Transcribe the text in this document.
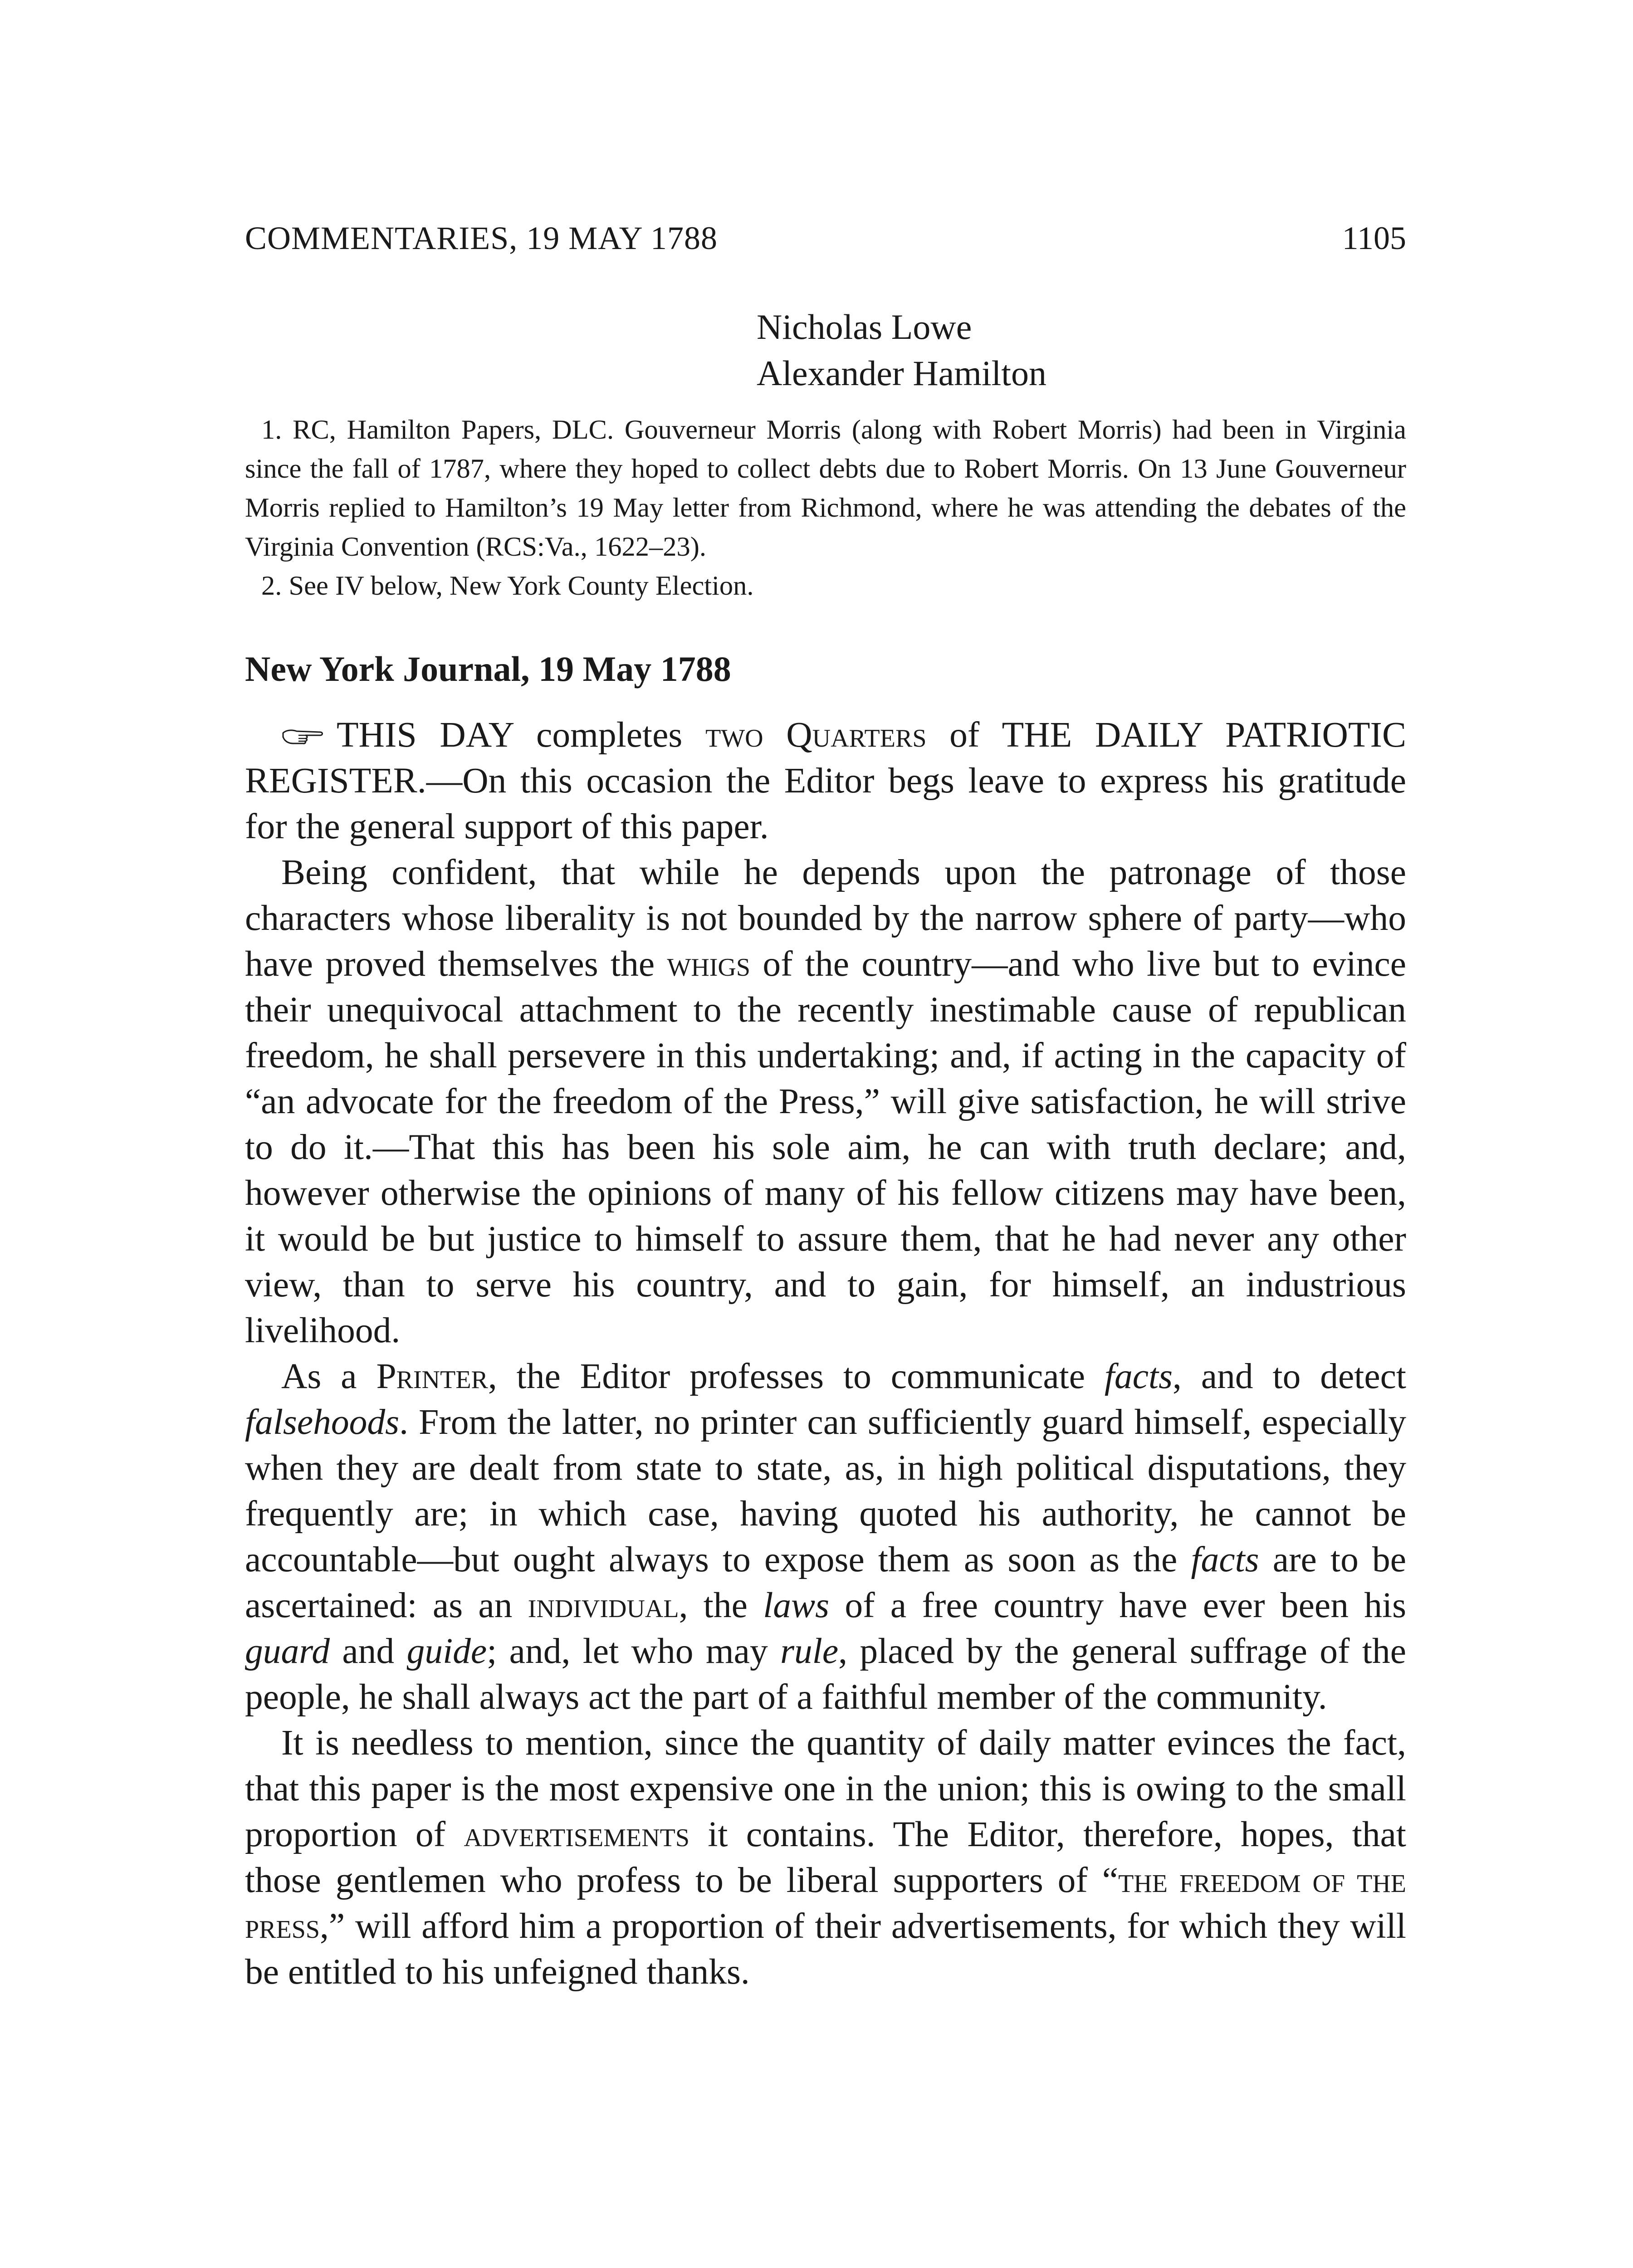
COMMENTARIES, 19 MAY 1788	1105
Nicholas Lowe
Alexander Hamilton

1. RC, Hamilton Papers, DLC. Gouverneur Morris (along with Robert Morris) had been in Virginia since the fall of 1787, where they hoped to collect debts due to Robert Morris. On 13 June Gouverneur Morris replied to Hamilton’s 19 May letter from Richmond, where he was attending the debates of the Virginia Convention (RCS:Va., 1622–23).

2. See IV below, New York County Election.

New York Journal, 19 May 1788

THIS DAY completes two Quarters of THE DAILY PATRIOTIC REGISTER.—On this occasion the Editor begs leave to express his gratitude for the general support of this paper.

Being confident, that while he depends upon the patronage of those characters whose liberality is not bounded by the narrow sphere of party—who have proved themselves the whigs of the country—and who live but to evince their unequivocal attachment to the recently inestimable cause of republican freedom, he shall persevere in this undertaking; and, if acting in the capacity of “an advocate for the freedom of the Press,” will give satisfaction, he will strive to do it.—That this has been his sole aim, he can with truth declare; and, however otherwise the opinions of many of his fellow citizens may have been, it would be but justice to himself to assure them, that he had never any other view, than to serve his country, and to gain, for himself, an industrious livelihood.

As a Printer, the Editor professes to communicate facts, and to detect falsehoods. From the latter, no printer can sufficiently guard himself, especially when they are dealt from state to state, as, in high political disputations, they frequently are; in which case, having quoted his authority, he cannot be accountable—but ought always to expose them as soon as the facts are to be ascertained: as an individual, the laws of a free country have ever been his guard and guide; and, let who may rule, placed by the general suffrage of the people, he shall always act the part of a faithful member of the community.

It is needless to mention, since the quantity of daily matter evinces the fact, that this paper is the most expensive one in the union; this is owing to the small proportion of advertisements it contains. The Editor, therefore, hopes, that those gentlemen who profess to be liberal supporters of “the freedom of the press,” will afford him a proportion of their advertisements, for which they will be entitled to his unfeigned thanks.
